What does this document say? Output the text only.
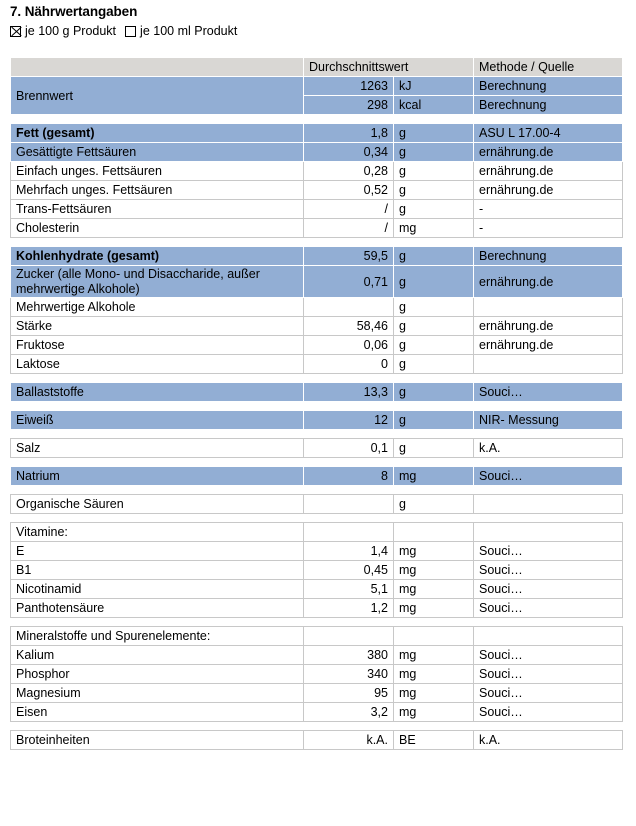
7. Nährwertangaben
je 100 g Produkt je 100 ml Produkt
	Durchschnittswert		Methode / Quelle
Brennwert	1263	kJ	Berechnung
	298	kcal	Berechnung

Fett (gesamt)	1,8	g	ASU L 17.00-4
Gesättigte Fettsäuren	0,34	g	ernährung.de
Einfach unges. Fettsäuren	0,28	g	ernährung.de
Mehrfach unges. Fettsäuren	0,52	g	ernährung.de
Trans-Fettsäuren	/	g	-
Cholesterin	/	mg	-

Kohlenhydrate (gesamt)	59,5	g	Berechnung
Zucker (alle Mono- und Disaccharide, außer mehrwertige Alkohole)	0,71	g	ernährung.de
Mehrwertige Alkohole		g	
Stärke	58,46	g	ernährung.de
Fruktose	0,06	g	ernährung.de
Laktose	0	g	

Ballaststoffe	13,3	g	Souci…

Eiweiß	12	g	NIR- Messung

Salz	0,1	g	k.A.

Natrium	8	mg	Souci…

Organische Säuren		g	

Vitamine:			
E	1,4	mg	Souci…
B1	0,45	mg	Souci…
Nicotinamid	5,1	mg	Souci…
Panthotensäure	1,2	mg	Souci…

Mineralstoffe und Spurenelemente:			
Kalium	380	mg	Souci…
Phosphor	340	mg	Souci…
Magnesium	95	mg	Souci…
Eisen	3,2	mg	Souci…

Broteinheiten	k.A.	BE	k.A.
